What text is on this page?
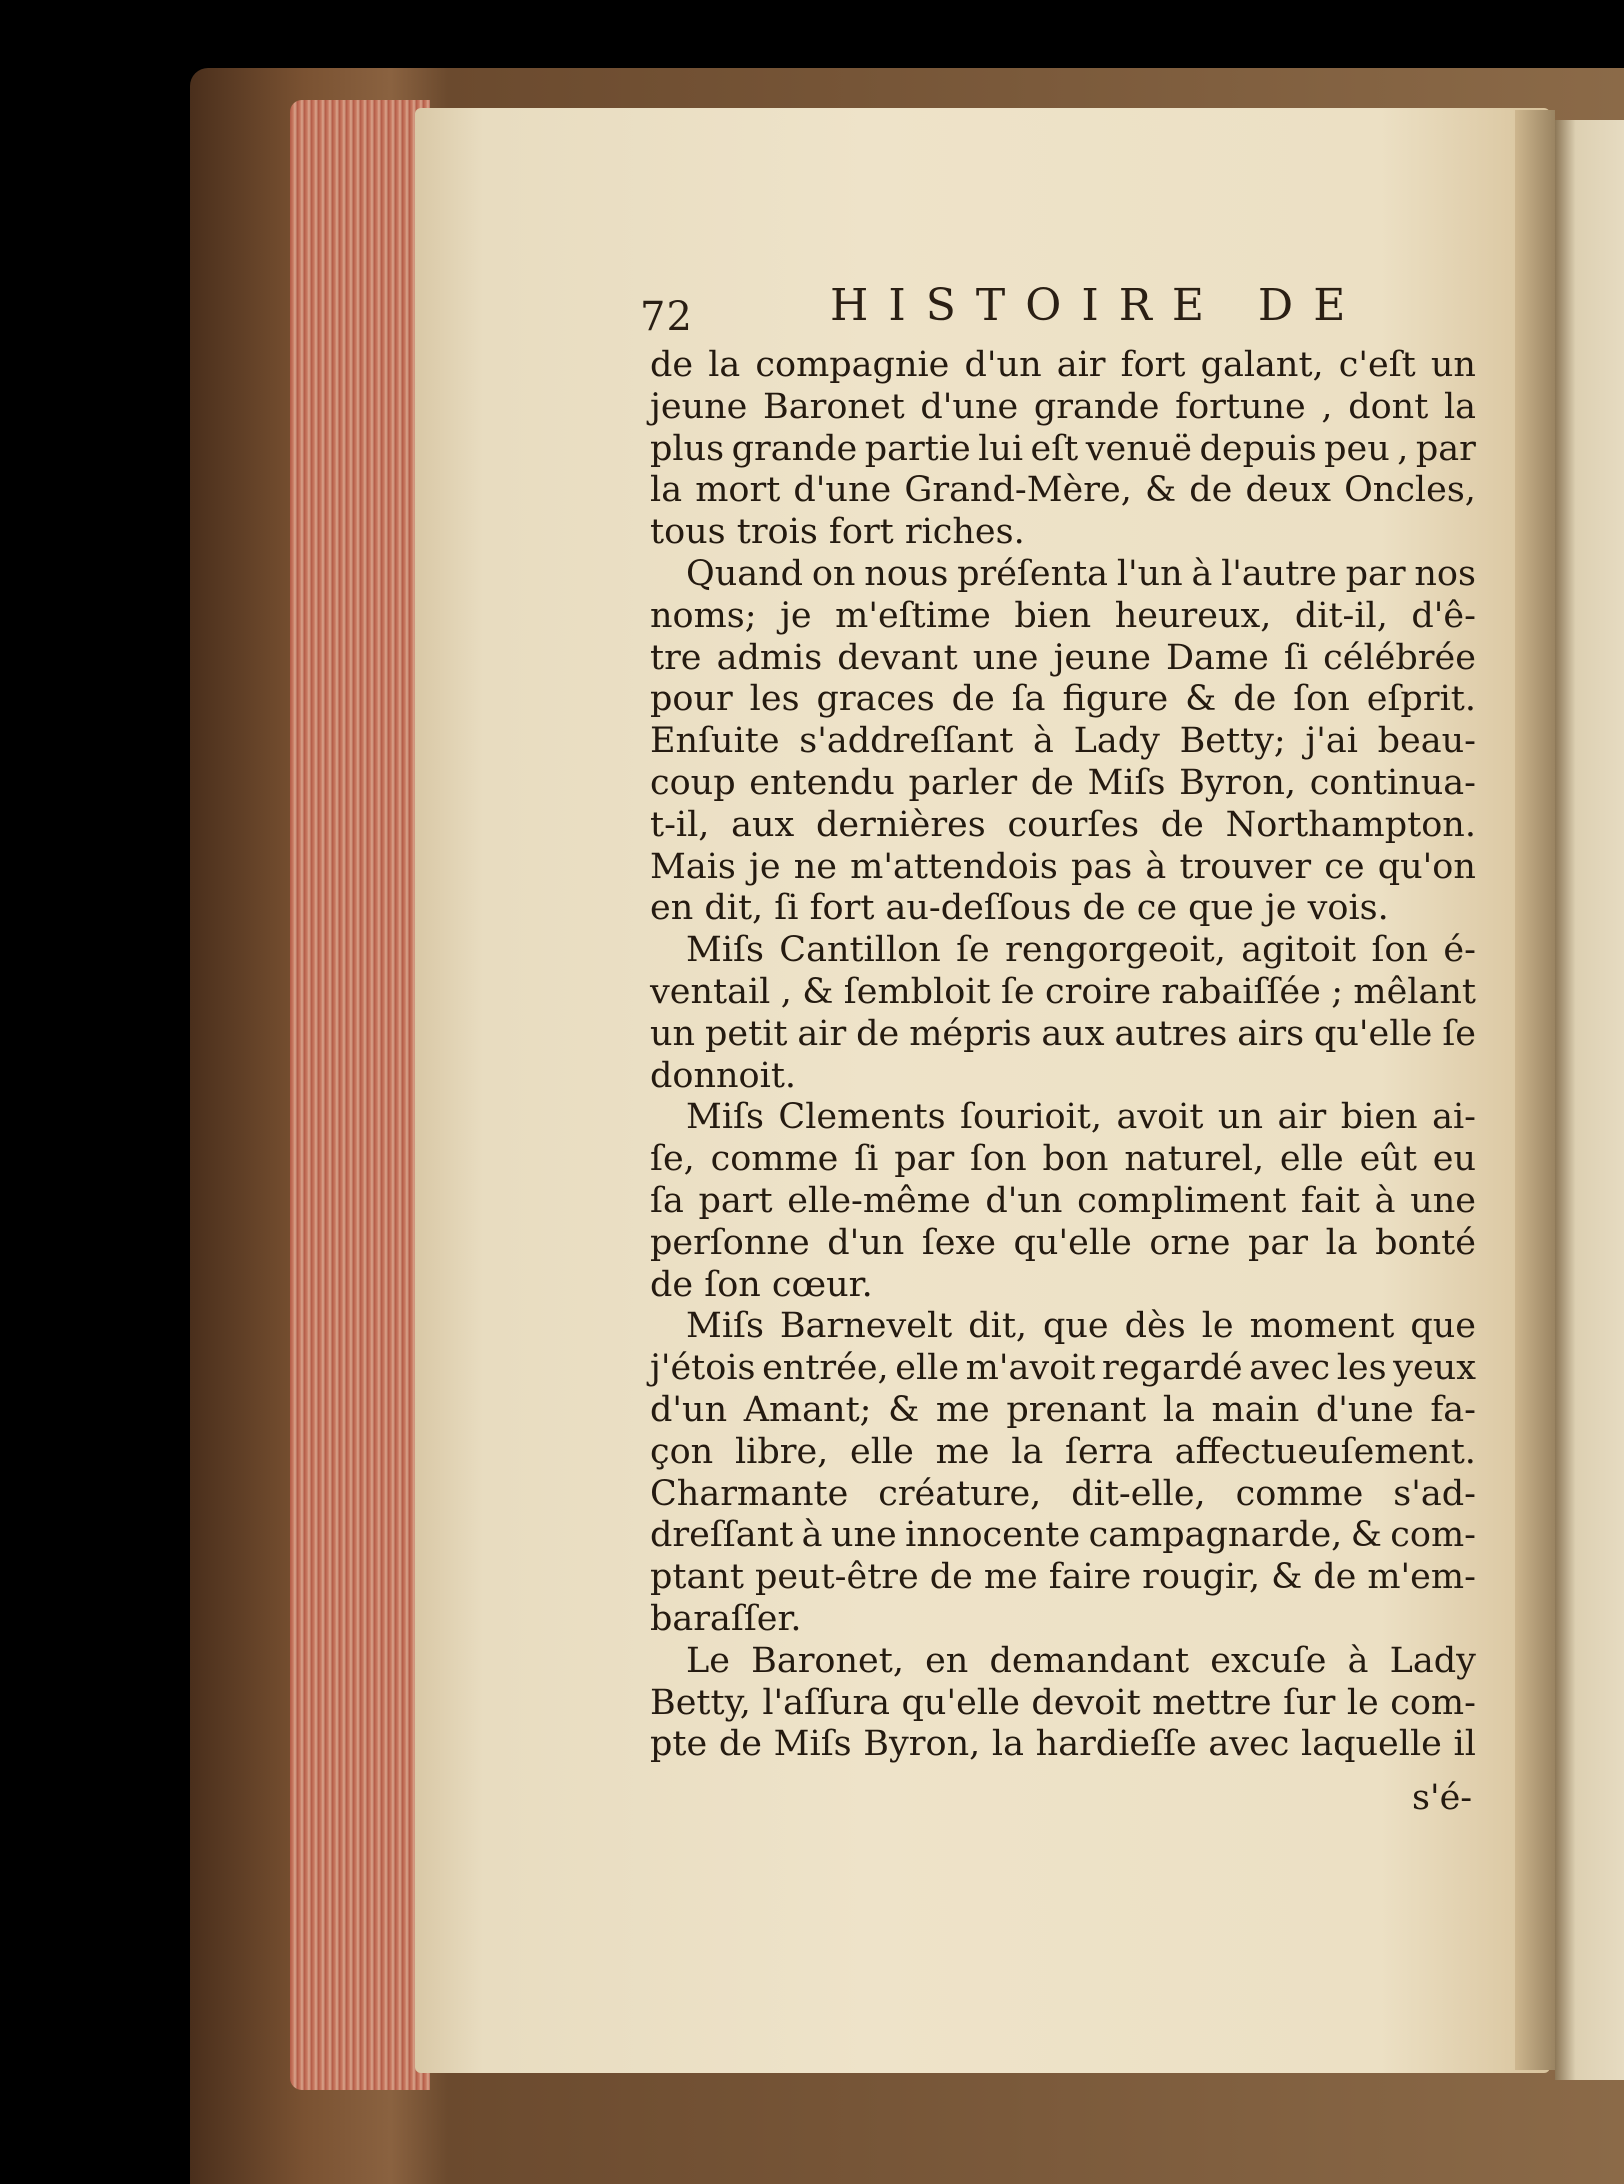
72	HISTOIRE DE
de la compagnie d'un air fort galant, c'eſt un
jeune Baronet d'une grande fortune , dont la
plus grande partie lui eſt venuë depuis peu , par
la mort d'une Grand-Mère, & de deux Oncles,
tous trois fort riches.
Quand on nous préſenta l'un à l'autre par nos
noms; je m'eſtime bien heureux, dit-il, d'ê-
tre admis devant une jeune Dame ſi célébrée
pour les graces de ſa figure & de ſon eſprit.
Enſuite s'addreſſant à Lady Betty; j'ai beau-
coup entendu parler de Miſs Byron, continua-
t-il, aux dernières courſes de Northampton.
Mais je ne m'attendois pas à trouver ce qu'on
en dit, ſi fort au-deſſous de ce que je vois.
Miſs Cantillon ſe rengorgeoit, agitoit ſon é-
ventail , & ſembloit ſe croire rabaiſſée ; mêlant
un petit air de mépris aux autres airs qu'elle ſe
donnoit.
Miſs Clements ſourioit, avoit un air bien ai-
ſe, comme ſi par ſon bon naturel, elle eût eu
ſa part elle-même d'un compliment fait à une
perſonne d'un ſexe qu'elle orne par la bonté
de ſon cœur.
Miſs Barnevelt dit, que dès le moment que
j'étois entrée, elle m'avoit regardé avec les yeux
d'un Amant; & me prenant la main d'une fa-
çon libre, elle me la ſerra affectueuſement.
Charmante créature, dit-elle, comme s'ad-
dreſſant à une innocente campagnarde, & com-
ptant peut-être de me faire rougir, & de m'em-
baraſſer.
Le Baronet, en demandant excuſe à Lady
Betty, l'aſſura qu'elle devoit mettre ſur le com-
pte de Miſs Byron, la hardieſſe avec laquelle il
s'é-
